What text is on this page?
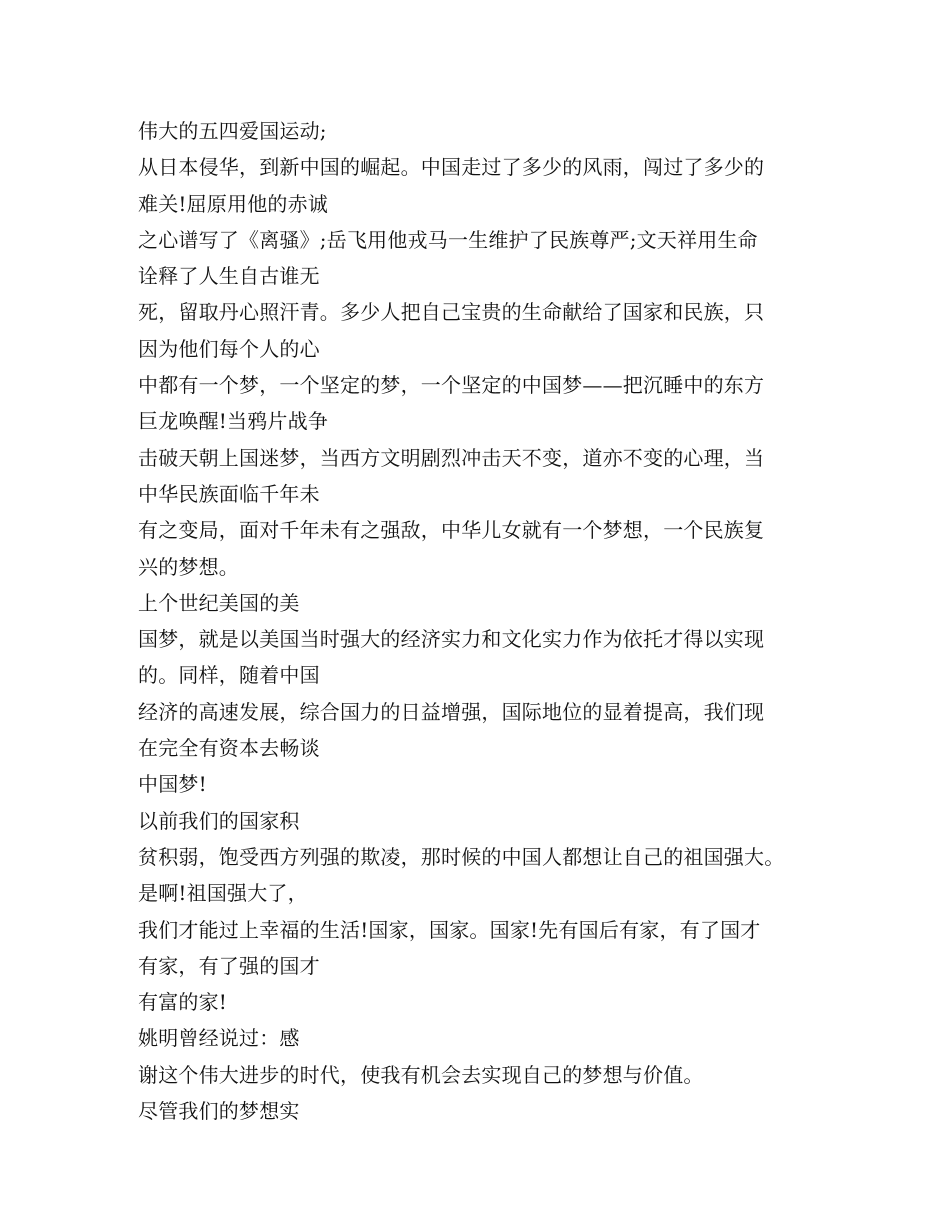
伟大的五四爱国运动;
从日本侵华，到新中国的崛起。中国走过了多少的风雨，闯过了多少的
难关!屈原用他的赤诚
之心谱写了《离骚》;岳飞用他戎马一生维护了民族尊严;文天祥用生命
诠释了人生自古谁无
死，留取丹心照汗青。多少人把自己宝贵的生命献给了国家和民族，只
因为他们每个人的心
中都有一个梦，一个坚定的梦，一个坚定的中国梦——把沉睡中的东方
巨龙唤醒!当鸦片战争
击破天朝上国迷梦，当西方文明剧烈冲击天不变，道亦不变的心理，当
中华民族面临千年未
有之变局，面对千年未有之强敌，中华儿女就有一个梦想，一个民族复
兴的梦想。
上个世纪美国的美
国梦，就是以美国当时强大的经济实力和文化实力作为依托才得以实现
的。同样，随着中国
经济的高速发展，综合国力的日益增强，国际地位的显着提高，我们现
在完全有资本去畅谈
中国梦!
以前我们的国家积
贫积弱，饱受西方列强的欺凌，那时候的中国人都想让自己的祖国强大。
是啊!祖国强大了，
我们才能过上幸福的生活!国家，国家。国家!先有国后有家，有了国才
有家，有了强的国才
有富的家!
姚明曾经说过：感
谢这个伟大进步的时代，使我有机会去实现自己的梦想与价值。
尽管我们的梦想实
